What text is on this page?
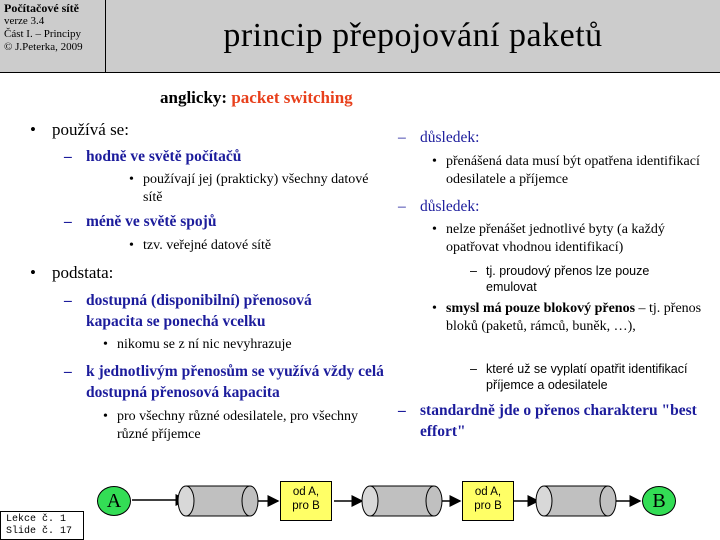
Počítačové sítě
verze 3.4
Část I. – Principy
© J.Peterka, 2009	princip přepojování paketů
anglicky: packet switching
• používá se:
– hodně ve světě počítačů
• používají jej (prakticky) všechny datové sítě
– méně ve světě spojů
• tzv. veřejné datové sítě
• podstata:
– dostupná (disponibilní) přenosová kapacita se ponechá vcelku
• nikomu se z ní nic nevyhrazuje
– k jednotlivým přenosům se využívá vždy celá dostupná přenosová kapacita
• pro všechny různé odesilatele, pro všechny různé příjemce
– důsledek:
• přenášená data musí být opatřena identifikací odesilatele a příjemce
– důsledek:
• nelze přenášet jednotlivé byty (a každý opatřovat vhodnou identifikací)
– tj. proudový přenos lze pouze emulovat
• smysl má pouze blokový přenos – tj. přenos bloků (paketů, rámců, buněk, …),
– které už se vyplatí opatřit identifikací příjemce a odesilatele
– standardně jde o přenos charakteru "best effort"
A	B
od A,
pro B
od A,
pro B
Lekce č. 1
Slide č. 17
